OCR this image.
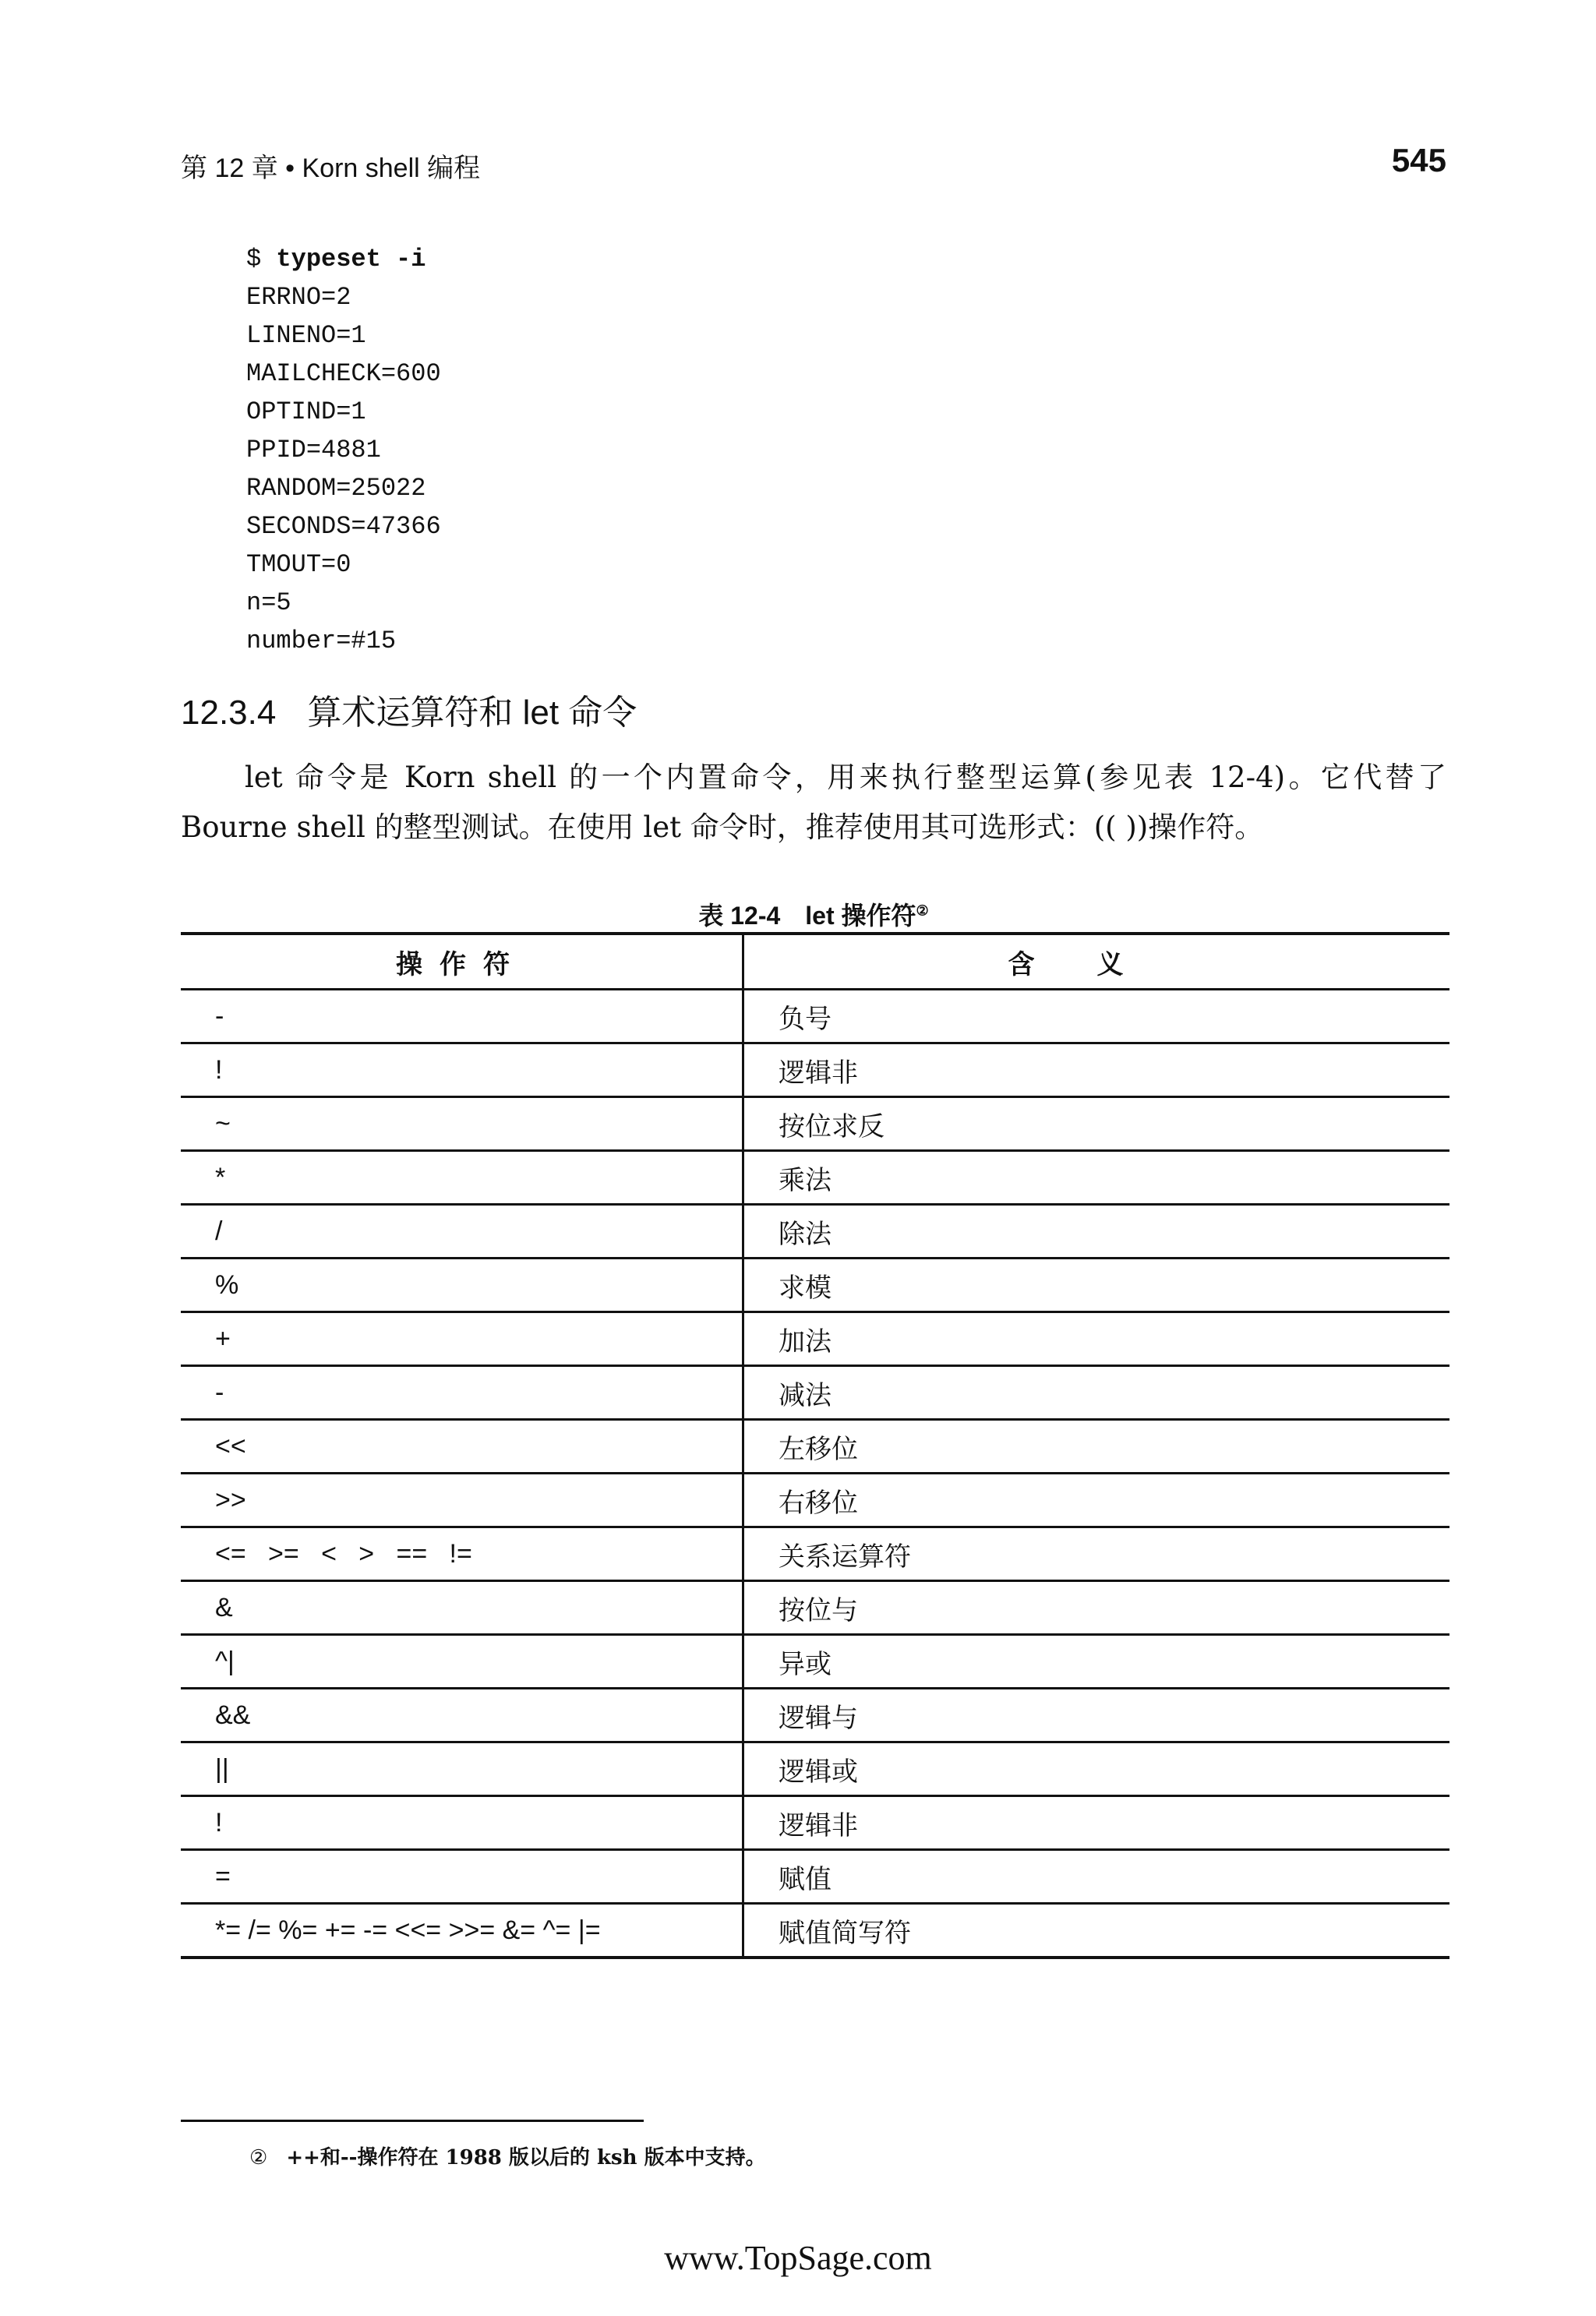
第 12 章 • Korn shell 编程	545
$ typeset -i
ERRNO=2
LINENO=1
MAILCHECK=600
OPTIND=1
PPID=4881
RANDOM=25022
SECONDS=47366
TMOUT=0
n=5
number=#15
12.3.4 算术运算符和 let 命令

let 命令是 Korn shell 的一个内置命令，用来执行整型运算(参见表 12-4)。它代替了 Bourne shell 的整型测试。在使用 let 命令时，推荐使用其可选形式：(( ))操作符。

表 12-4　let 操作符②
操作符	含义
-	负号
!	逻辑非
~	按位求反
*	乘法
/	除法
%	求模
+	加法
-	减法
<<	左移位
>>	右移位
<=   >=   <   >   ==   !=	关系运算符
&	按位与
^|	异或
&&	逻辑与
||	逻辑或
!	逻辑非
=	赋值
*= /= %= += -= <<= >>= &= ^= |=	赋值简写符
② ++和--操作符在 1988 版以后的 ksh 版本中支持。
www.TopSage.com
